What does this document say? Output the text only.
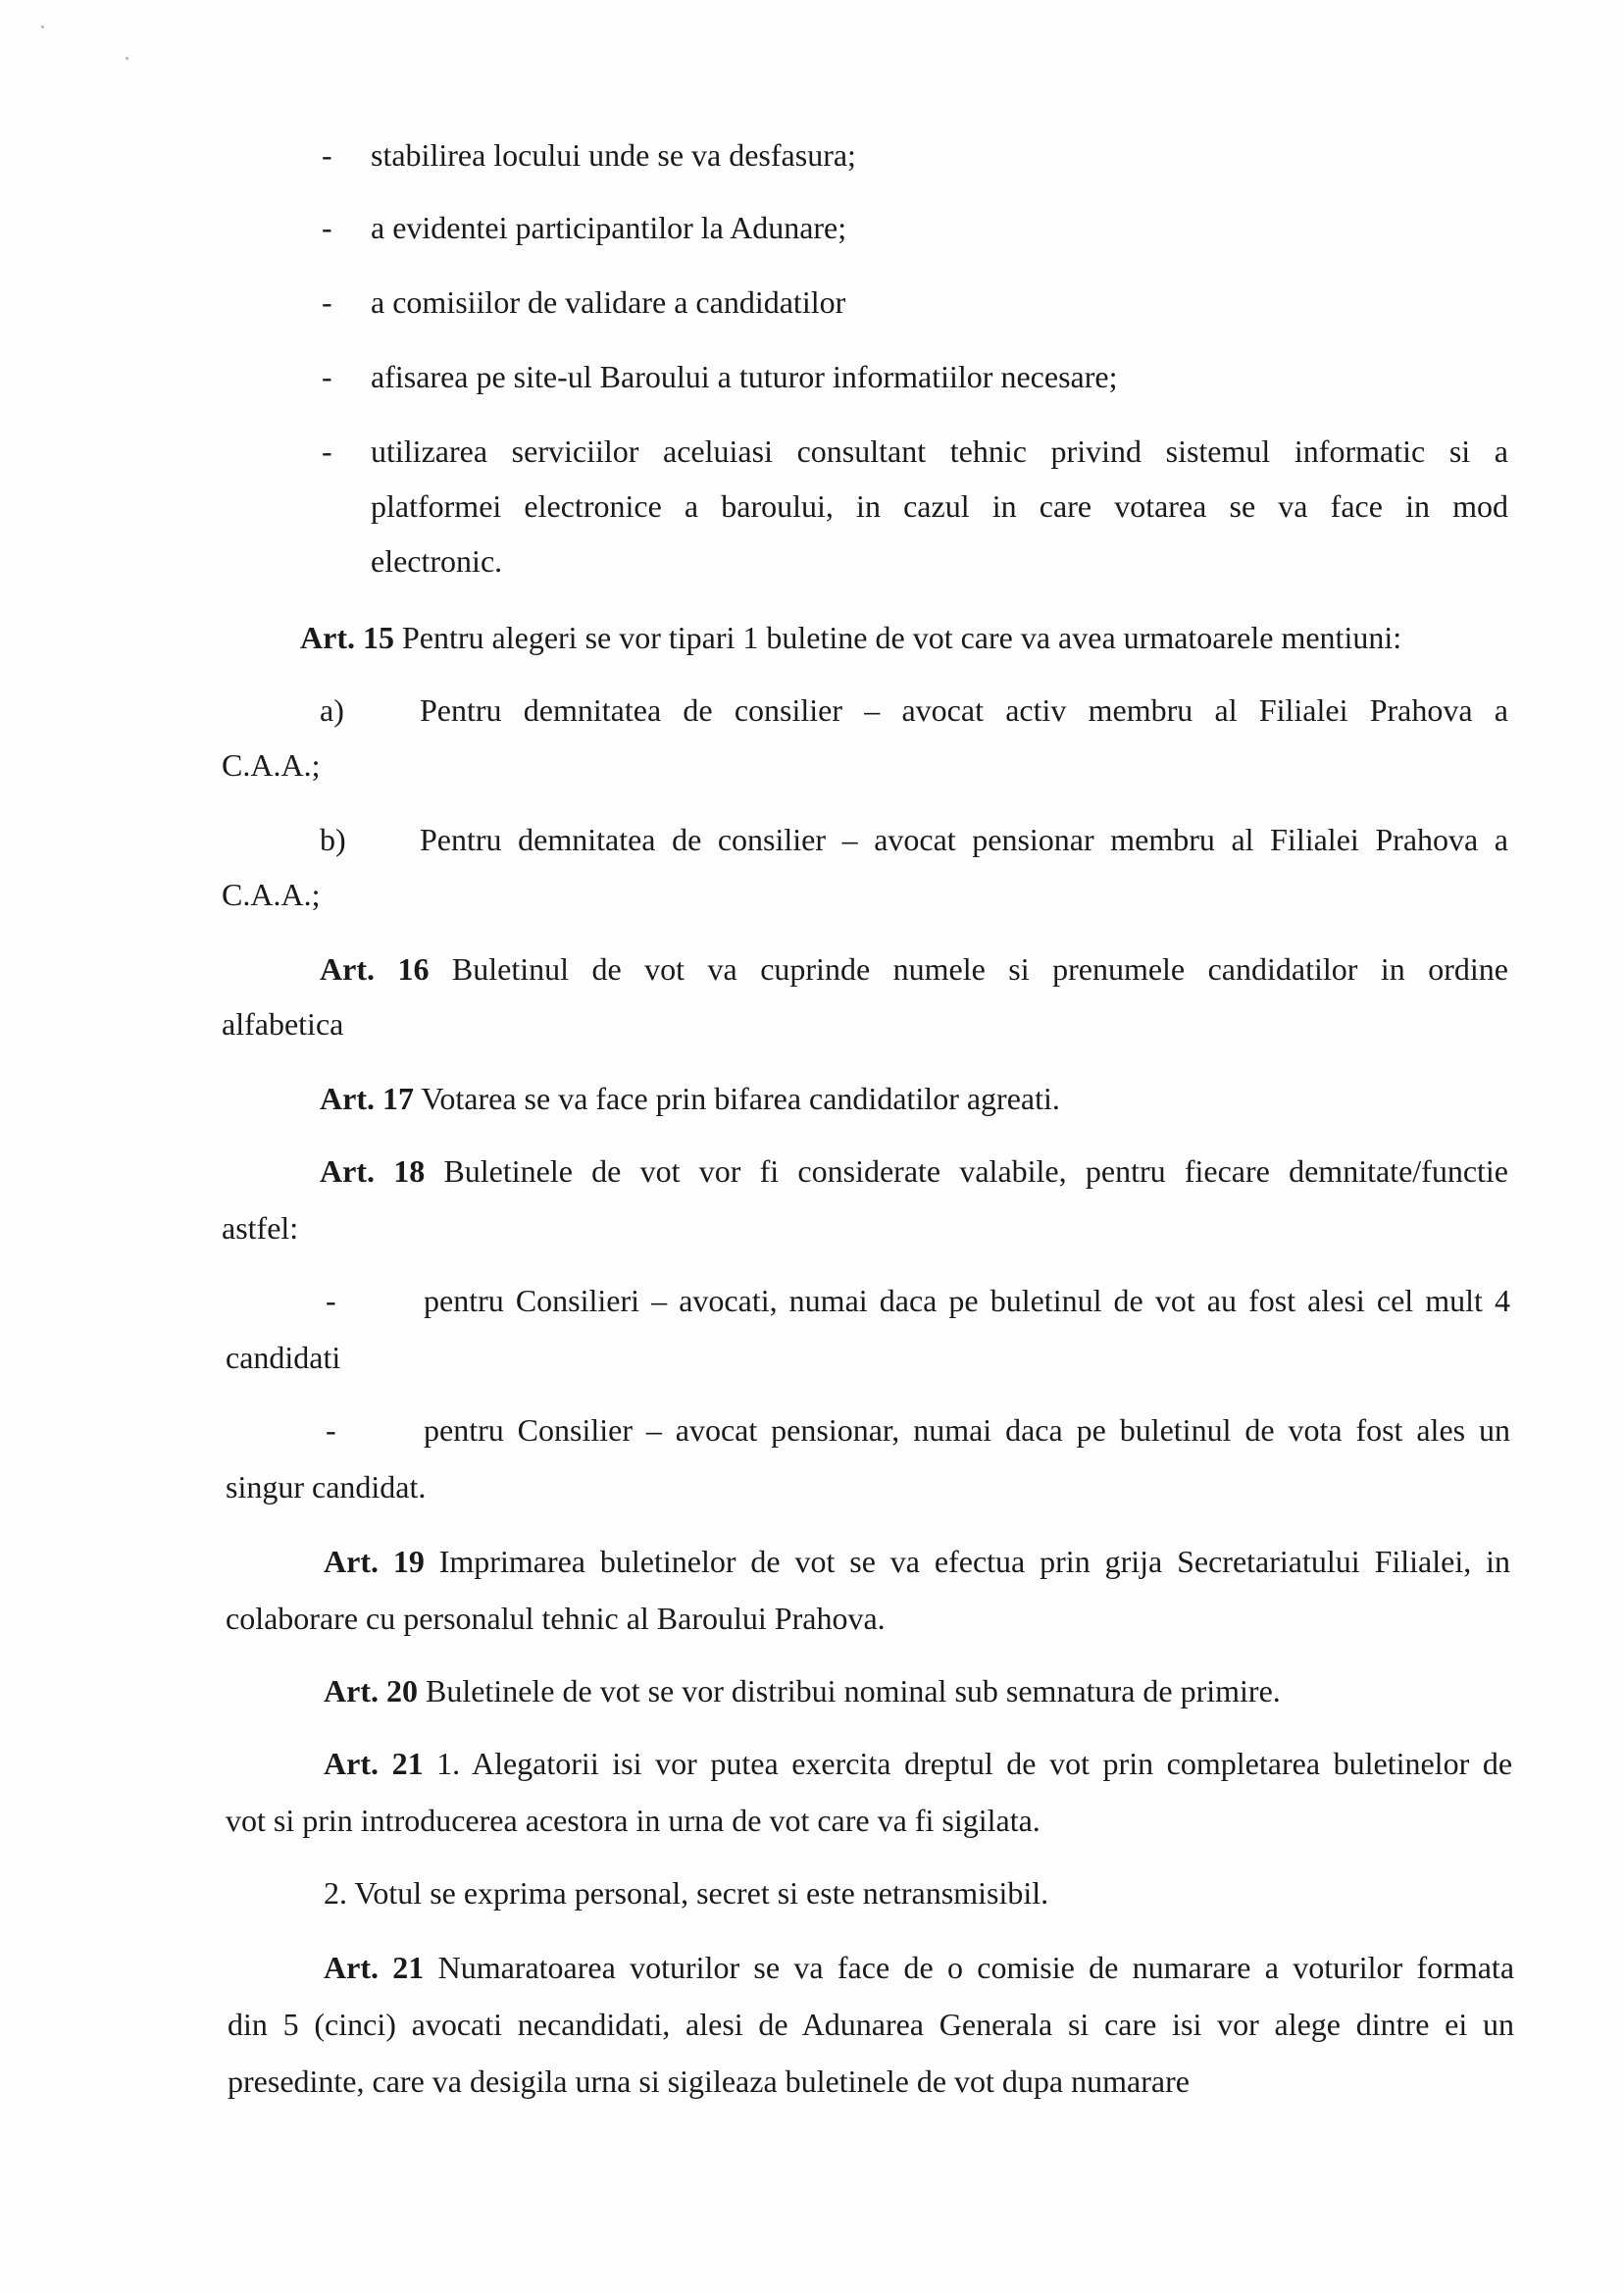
- stabilirea locului unde se va desfasura;
- a evidentei participantilor la Adunare;
- a comisiilor de validare a candidatilor
- afisarea pe site-ul Baroului a tuturor informatiilor necesare;
- utilizarea serviciilor aceluiasi consultant tehnic privind sistemul informatic si a
platformei electronice a baroului, in cazul in care votarea se va face in mod
electronic.
Art. 15 Pentru alegeri se vor tipari 1 buletine de vot care va avea urmatoarele mentiuni:
a) Pentru demnitatea de consilier – avocat activ membru al Filialei Prahova a
C.A.A.;
b) Pentru demnitatea de consilier – avocat pensionar membru al Filialei Prahova a
C.A.A.;
Art. 16 Buletinul de vot va cuprinde numele si prenumele candidatilor in ordine
alfabetica
Art. 17 Votarea se va face prin bifarea candidatilor agreati.
Art. 18 Buletinele de vot vor fi considerate valabile, pentru fiecare demnitate/functie
astfel:
-	pentru Consilieri – avocati, numai daca pe buletinul de vot au fost alesi cel mult 4
candidati
-	pentru Consilier – avocat pensionar, numai daca pe buletinul de vota fost ales un
singur candidat.
Art. 19 Imprimarea buletinelor de vot se va efectua prin grija Secretariatului Filialei, in
colaborare cu personalul tehnic al Baroului Prahova.
Art. 20 Buletinele de vot se vor distribui nominal sub semnatura de primire.
Art. 21 1. Alegatorii isi vor putea exercita dreptul de vot prin completarea buletinelor de
vot si prin introducerea acestora in urna de vot care va fi sigilata.
2. Votul se exprima personal, secret si este netransmisibil.
Art. 21 Numaratoarea voturilor se va face de o comisie de numarare a voturilor formata
din 5 (cinci) avocati necandidati, alesi de Adunarea Generala si care isi vor alege dintre ei un
presedinte, care va desigila urna si sigileaza buletinele de vot dupa numarare
